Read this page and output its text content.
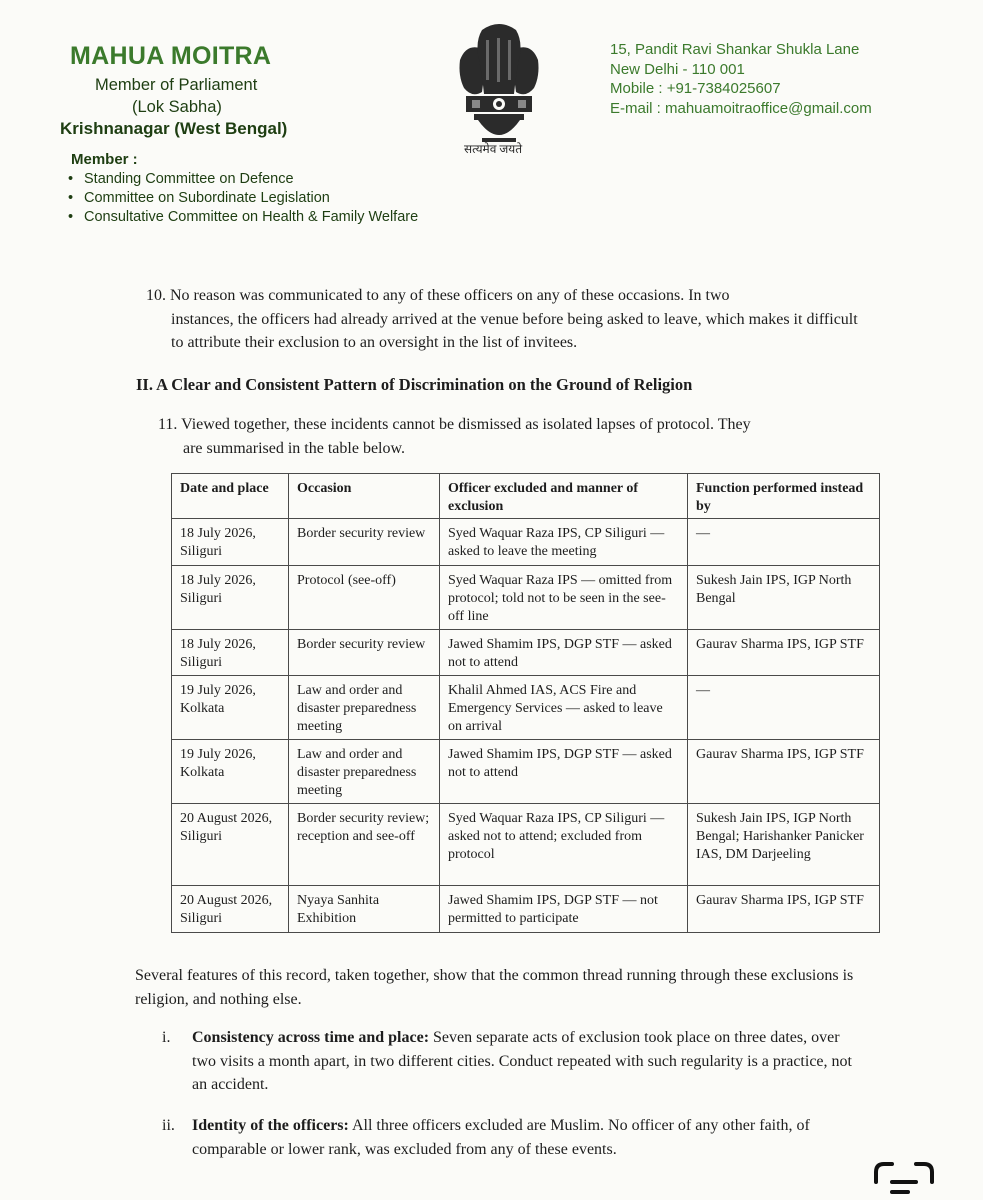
MAHUA MOITRA
Member of Parliament
(Lok Sabha)
Krishnanagar (West Bengal)
Member :
• Standing Committee on Defence
• Committee on Subordinate Legislation
• Consultative Committee on Health & Family Welfare
सत्यमेव जयते
15, Pandit Ravi Shankar Shukla Lane
New Delhi - 110 001
Mobile : +91-7384025607
E-mail : mahuamoitraoffice@gmail.com
10. No reason was communicated to any of these officers on any of these occasions. In two
instances, the officers had already arrived at the venue before being asked to leave, which makes it difficult to attribute their exclusion to an oversight in the list of invitees.
II. A Clear and Consistent Pattern of Discrimination on the Ground of Religion
11. Viewed together, these incidents cannot be dismissed as isolated lapses of protocol. They
are summarised in the table below.
Date and place	Occasion	Officer excluded and manner of exclusion	Function performed instead by
18 July 2026, Siliguri	Border security review	Syed Waquar Raza IPS, CP Siliguri — asked to leave the meeting	—
18 July 2026, Siliguri	Protocol (see-off)	Syed Waquar Raza IPS — omitted from protocol; told not to be seen in the see-off line	Sukesh Jain IPS, IGP North Bengal
18 July 2026, Siliguri	Border security review	Jawed Shamim IPS, DGP STF — asked not to attend	Gaurav Sharma IPS, IGP STF
19 July 2026, Kolkata	Law and order and disaster preparedness meeting	Khalil Ahmed IAS, ACS Fire and Emergency Services — asked to leave on arrival	—
19 July 2026, Kolkata	Law and order and disaster preparedness meeting	Jawed Shamim IPS, DGP STF — asked not to attend	Gaurav Sharma IPS, IGP STF
20 August 2026, Siliguri	Border security review; reception and see-off	Syed Waquar Raza IPS, CP Siliguri — asked not to attend; excluded from protocol	Sukesh Jain IPS, IGP North Bengal; Harishanker Panicker IAS, DM Darjeeling
20 August 2026, Siliguri	Nyaya Sanhita Exhibition	Jawed Shamim IPS, DGP STF — not permitted to participate	Gaurav Sharma IPS, IGP STF
Several features of this record, taken together, show that the common thread running through these exclusions is religion, and nothing else.
i.	Consistency across time and place: Seven separate acts of exclusion took place on three dates, over two visits a month apart, in two different cities. Conduct repeated with such regularity is a practice, not an accident.
ii.	Identity of the officers: All three officers excluded are Muslim. No officer of any other faith, of comparable or lower rank, was excluded from any of these events.
